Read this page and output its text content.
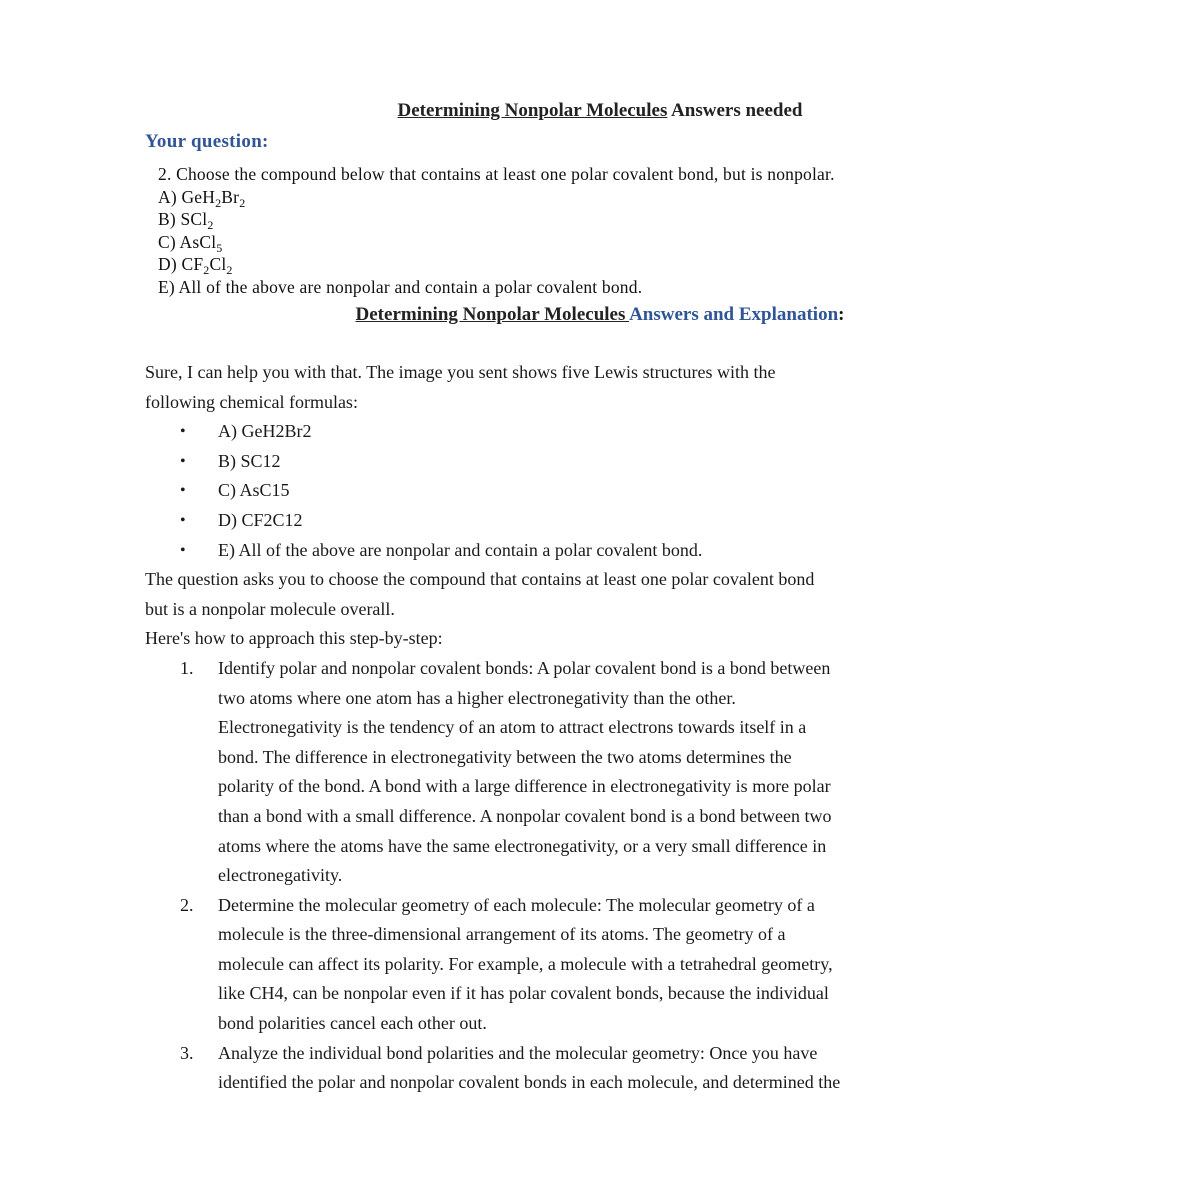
Determining Nonpolar Molecules Answers needed
Your question:
2. Choose the compound below that contains at least one polar covalent bond, but is nonpolar.
A) $GeH_2Br_2$
B) SCl$_2$
C) AsCl$_5$
D) $CF_2Cl_2$
E) All of the above are nonpolar and contain a polar covalent bond.
Determining Nonpolar Molecules Answers and Explanation:

Sure, I can help you with that. The image you sent shows five Lewis structures with the

following chemical formulas:

• A) GeH2Br2
• B) SC12
• C) AsC15
• D) CF2C12
• E) All of the above are nonpolar and contain a polar covalent bond.

The question asks you to choose the compound that contains at least one polar covalent bond

but is a nonpolar molecule overall.

Here's how to approach this step-by-step:

1. Identify polar and nonpolar covalent bonds: A polar covalent bond is a bond between
two atoms where one atom has a higher electronegativity than the other.
Electronegativity is the tendency of an atom to attract electrons towards itself in a
bond. The difference in electronegativity between the two atoms determines the
polarity of the bond. A bond with a large difference in electronegativity is more polar
than a bond with a small difference. A nonpolar covalent bond is a bond between two
atoms where the atoms have the same electronegativity, or a very small difference in
electronegativity.
2. Determine the molecular geometry of each molecule: The molecular geometry of a
molecule is the three-dimensional arrangement of its atoms. The geometry of a
molecule can affect its polarity. For example, a molecule with a tetrahedral geometry,
like CH4, can be nonpolar even if it has polar covalent bonds, because the individual
bond polarities cancel each other out.
3. Analyze the individual bond polarities and the molecular geometry: Once you have
identified the polar and nonpolar covalent bonds in each molecule, and determined the
